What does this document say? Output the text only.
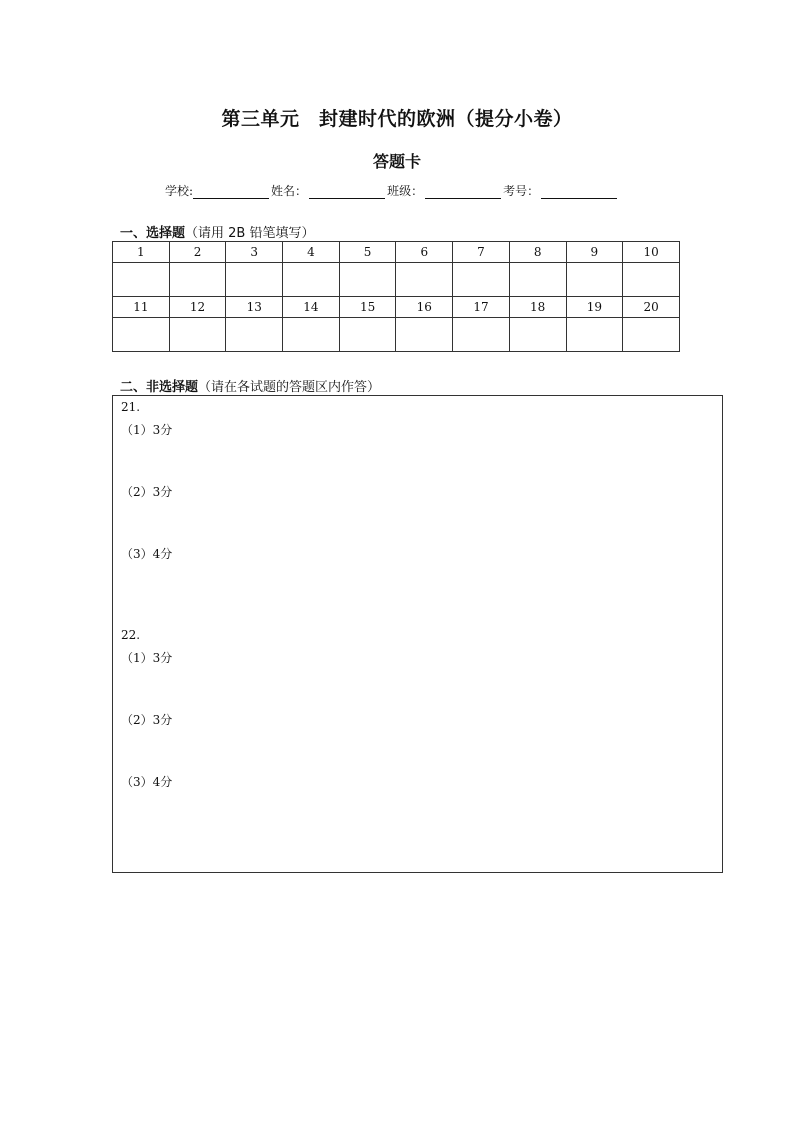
第三单元　封建时代的欧洲（提分小卷）
答题卡
学校:	姓名：	班级：	考号：
一、选择题（请用 2B 铅笔填写）
1	2	3	4	5	6	7	8	9	10

11	12	13	14	15	16	17	18	19	20

二、非选择题（请在各试题的答题区内作答）
21.
（1）3分
（2）3分
（3）4分
22.
（1）3分
（2）3分
（3）4分
